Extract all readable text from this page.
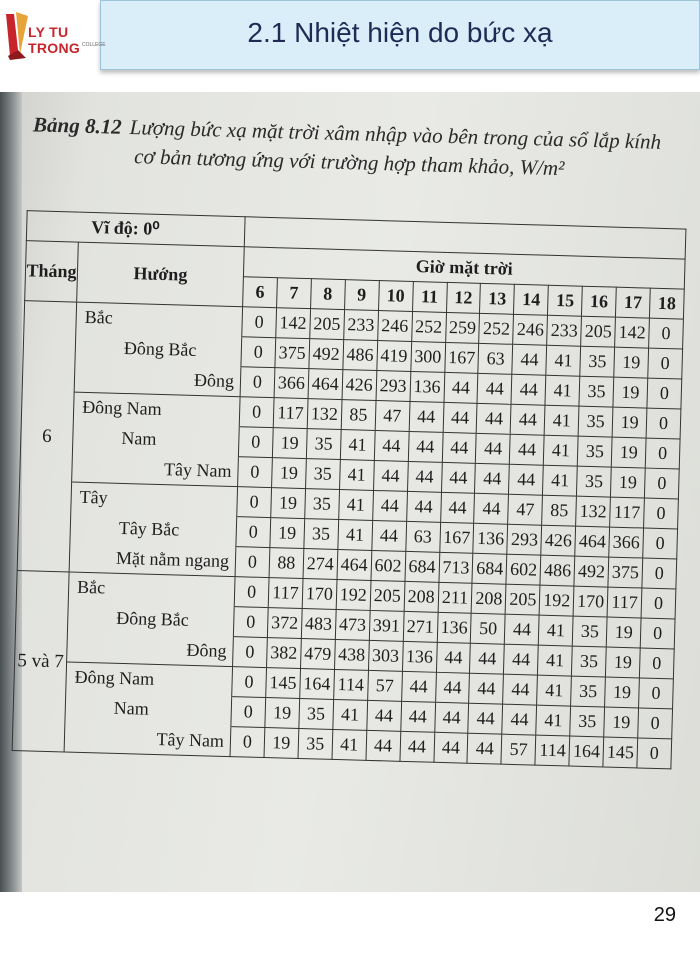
2.1 Nhiệt hiện do bức xạ
LY TU TRONG COLLEGE
Bảng 8.12 Lượng bức xạ mặt trời xâm nhập vào bên trong của sổ lắp kính
cơ bản tương ứng với trường hợp tham khảo, W/m²
Vĩ độ: 0⁰														
Tháng	Hướng	Giờ mặt trời												
		6	7	8	9	10	11	12	13	14	15	16	17	18
6	Bắc	0	142	205	233	246	252	259	252	246	233	205	142	0

	Đông Bắc	0	375	492	486	419	300	167	63	44	41	35	19	0

	Đông	0	366	464	426	293	136	44	44	44	41	35	19	0

	Đông Nam	0	117	132	85	47	44	44	44	44	41	35	19	0

	Nam	0	19	35	41	44	44	44	44	44	41	35	19	0

	Tây Nam	0	19	35	41	44	44	44	44	44	41	35	19	0

	Tây	0	19	35	41	44	44	44	44	47	85	132	117	0

	Tây Bắc	0	19	35	41	44	63	167	136	293	426	464	366	0

	Mặt nằm ngang	0	88	274	464	602	684	713	684	602	486	492	375	0
5 và 7	Bắc	0	117	170	192	205	208	211	208	205	192	170	117	0

	Đông Bắc	0	372	483	473	391	271	136	50	44	41	35	19	0

	Đông	0	382	479	438	303	136	44	44	44	41	35	19	0

	Đông Nam	0	145	164	114	57	44	44	44	44	41	35	19	0

	Nam	0	19	35	41	44	44	44	44	44	41	35	19	0

	Tây Nam	0	19	35	41	44	44	44	44	57	114	164	145	0
29
